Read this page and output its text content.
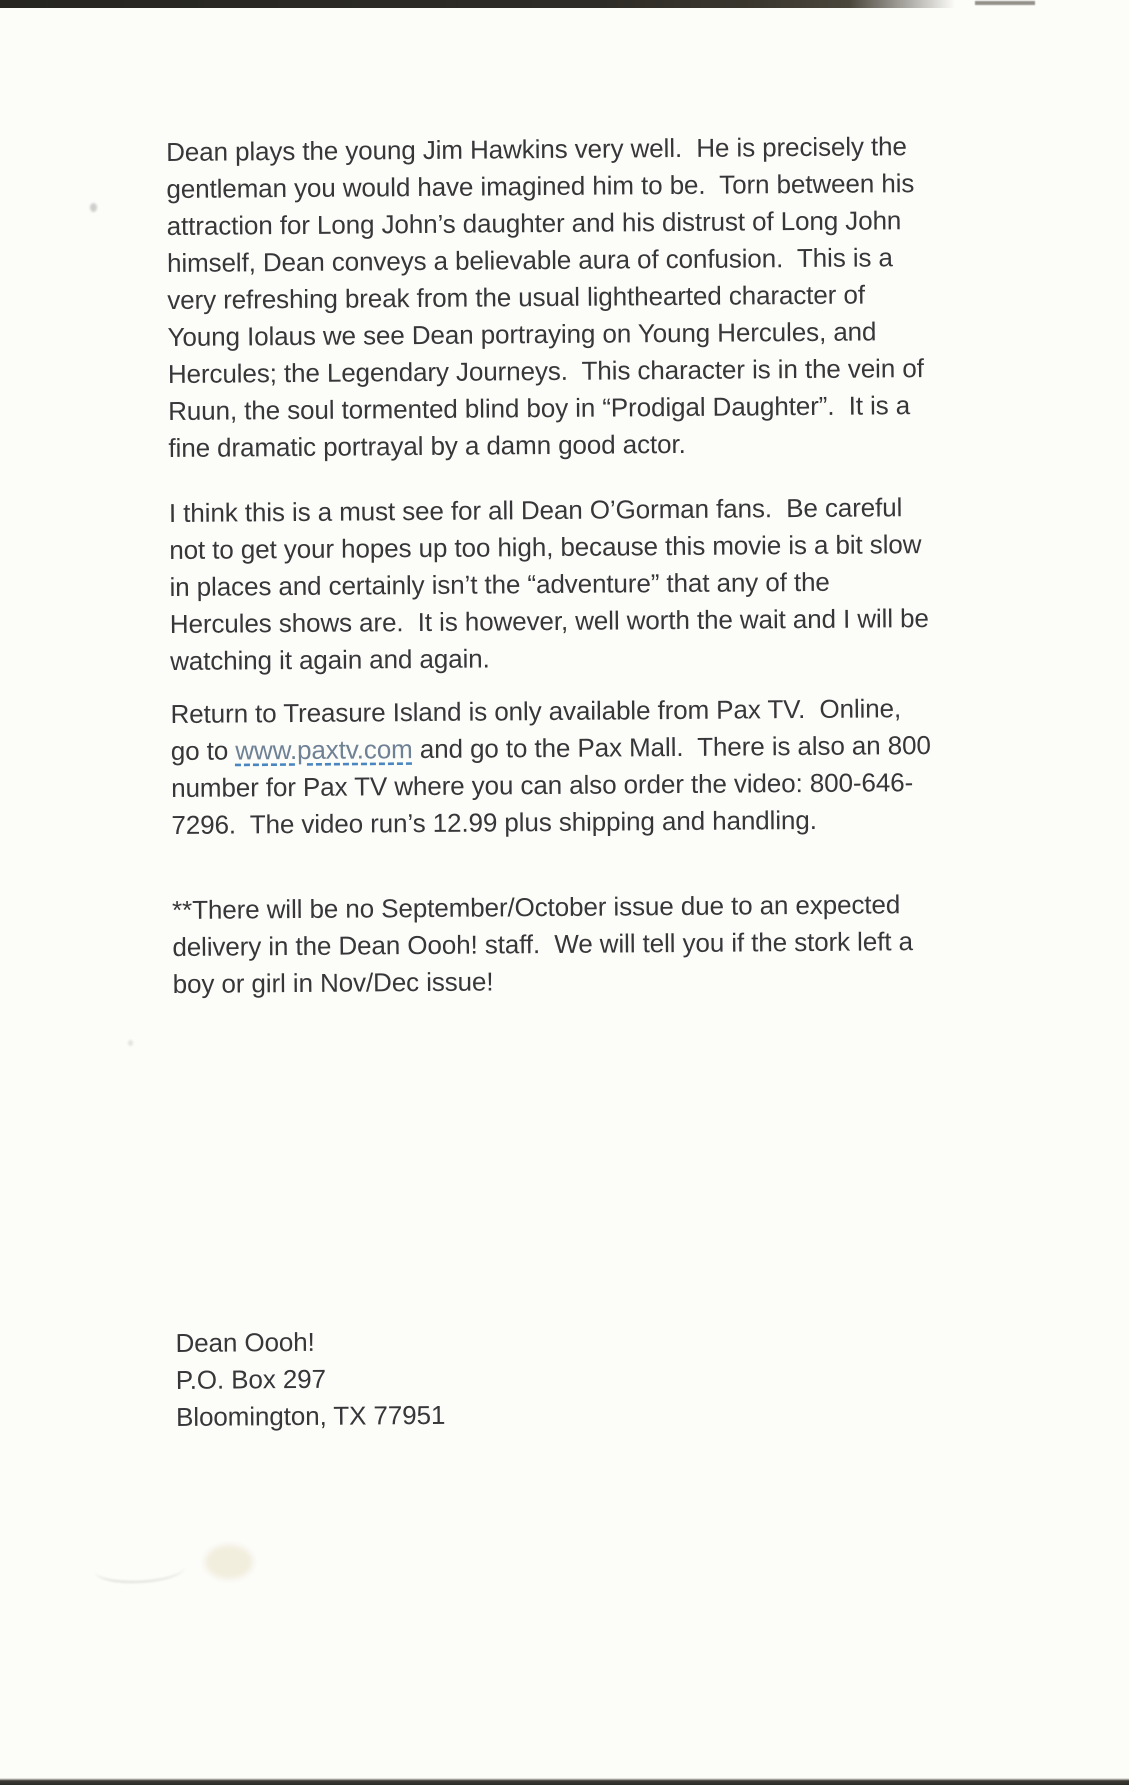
Dean plays the young Jim Hawkins very well.  He is precisely the
gentleman you would have imagined him to be.  Torn between his
attraction for Long John’s daughter and his distrust of Long John
himself, Dean conveys a believable aura of confusion.  This is a
very refreshing break from the usual lighthearted character of
Young Iolaus we see Dean portraying on Young Hercules, and
Hercules; the Legendary Journeys.  This character is in the vein of
Ruun, the soul tormented blind boy in “Prodigal Daughter”.  It is a
fine dramatic portrayal by a damn good actor.
I think this is a must see for all Dean O’Gorman fans.  Be careful
not to get your hopes up too high, because this movie is a bit slow
in places and certainly isn’t the “adventure” that any of the
Hercules shows are.  It is however, well worth the wait and I will be
watching it again and again.
Return to Treasure Island is only available from Pax TV.  Online,
go to www.paxtv.com and go to the Pax Mall.  There is also an 800
number for Pax TV where you can also order the video: 800-646-
7296.  The video run’s 12.99 plus shipping and handling.
**There will be no September/October issue due to an expected
delivery in the Dean Oooh! staff.  We will tell you if the stork left a
boy or girl in Nov/Dec issue!
Dean Oooh!
P.O. Box 297
Bloomington, TX 77951
